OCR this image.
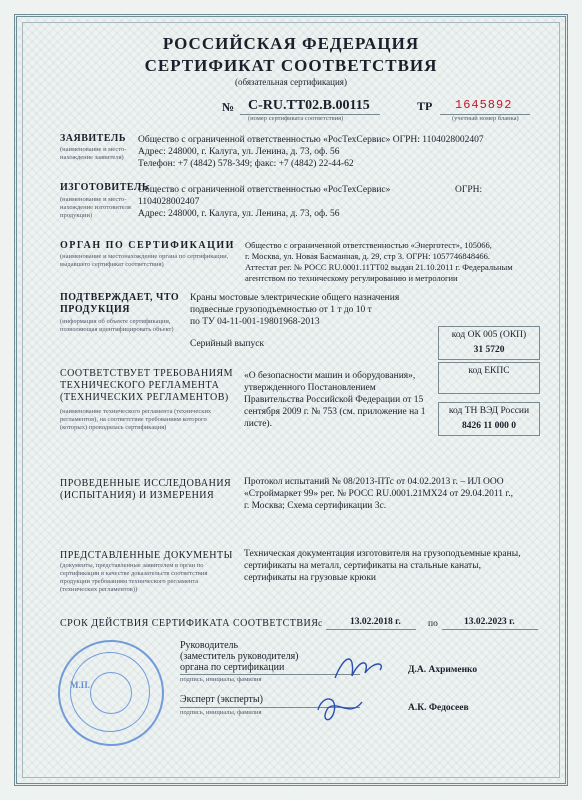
РОССИЙСКАЯ ФЕДЕРАЦИЯ
СЕРТИФИКАТ СООТВЕТСТВИЯ
(обязательная сертификация)
№ C-RU.ТТ02.В.00115
(номер сертификата соответствия)
ТР 1645892
(учетный номер бланка)
ЗАЯВИТЕЛЬ
(наименование и место-нахождение заявителя)
Общество с ограниченной ответственностью «РосТехСервис» ОГРН: 1104028002407
Адрес: 248000, г. Калуга, ул. Ленина, д. 73, оф. 56
Телефон: +7 (4842) 578-349; факс: +7 (4842) 22-44-62
ИЗГОТОВИТЕЛЬ
(наименование и место-нахождение изготовителя продукции)
Общество с ограниченной ответственностью «РосТехСервис»	ОГРН:
1104028002407
Адрес: 248000, г. Калуга, ул. Ленина, д. 73, оф. 56
ОРГАН ПО СЕРТИФИКАЦИИ
(наименование и местонахождение органа по сертификации, выдавшего сертификат соответствия)
Общество с ограниченной ответственностью «Энерготест», 105066,
г. Москва, ул. Новая Басманная, д. 29, стр 3. ОГРН: 1057746848466.
Аттестат рег. № РОСС RU.0001.11ТТ02 выдан 21.10.2011 г. Федеральным
агентством по техническому регулированию и метрологии
ПОДТВЕРЖДАЕТ, ЧТО
ПРОДУКЦИЯ
(информация об объекте сертификации, позволяющая идентифицировать объект)
Краны мостовые электрические общего назначения
подвесные грузоподъемностью от 1 т до 10 т
по ТУ 04-11-001-19801968-2013
Серийный выпуск
код ОК 005 (ОКП)
31 5720
СООТВЕТСТВУЕТ ТРЕБОВАНИЯМ
ТЕХНИЧЕСКОГО РЕГЛАМЕНТА
(ТЕХНИЧЕСКИХ РЕГЛАМЕНТОВ)
(наименование технического регламента (технических регламентов), на соответствие требованиям которого (которых) проводилась сертификация)
«О безопасности машин и оборудования»,
утвержденного Постановлением
Правительства Российской Федерации от 15
сентября 2009 г. № 753 (см. приложение на 1
листе).
код ЕКПС
код ТН ВЭД России
8426 11 000 0
ПРОВЕДЕННЫЕ ИССЛЕДОВАНИЯ
(ИСПЫТАНИЯ) И ИЗМЕРЕНИЯ
Протокол испытаний № 08/2013-ПТс от 04.02.2013 г. – ИЛ ООО
«Строймаркет 99» рег. № РОСС RU.0001.21МХ24 от 29.04.2011 г.,
г. Москва; Схема сертификации 3с.
ПРЕДСТАВЛЕННЫЕ ДОКУМЕНТЫ
(документы, представленные заявителем в орган по сертификации в качестве доказательств соответствия продукции требованиям технического регламента (технических регламентов))
Техническая документация изготовителя на грузоподъемные краны,
сертификаты на металл, сертификаты на стальные канаты,
сертификаты на грузовые крюки
СРОК ДЕЙСТВИЯ СЕРТИФИКАТА СООТВЕТСТВИЯ с	13.02.2018 г.	по	13.02.2023 г.
Руководитель
(заместитель руководителя)
органа по сертификации
подпись, инициалы, фамилия
Д.А. Ахрименко
Эксперт (эксперты)
подпись, инициалы, фамилия	А.К. Федосеев
М.П.
